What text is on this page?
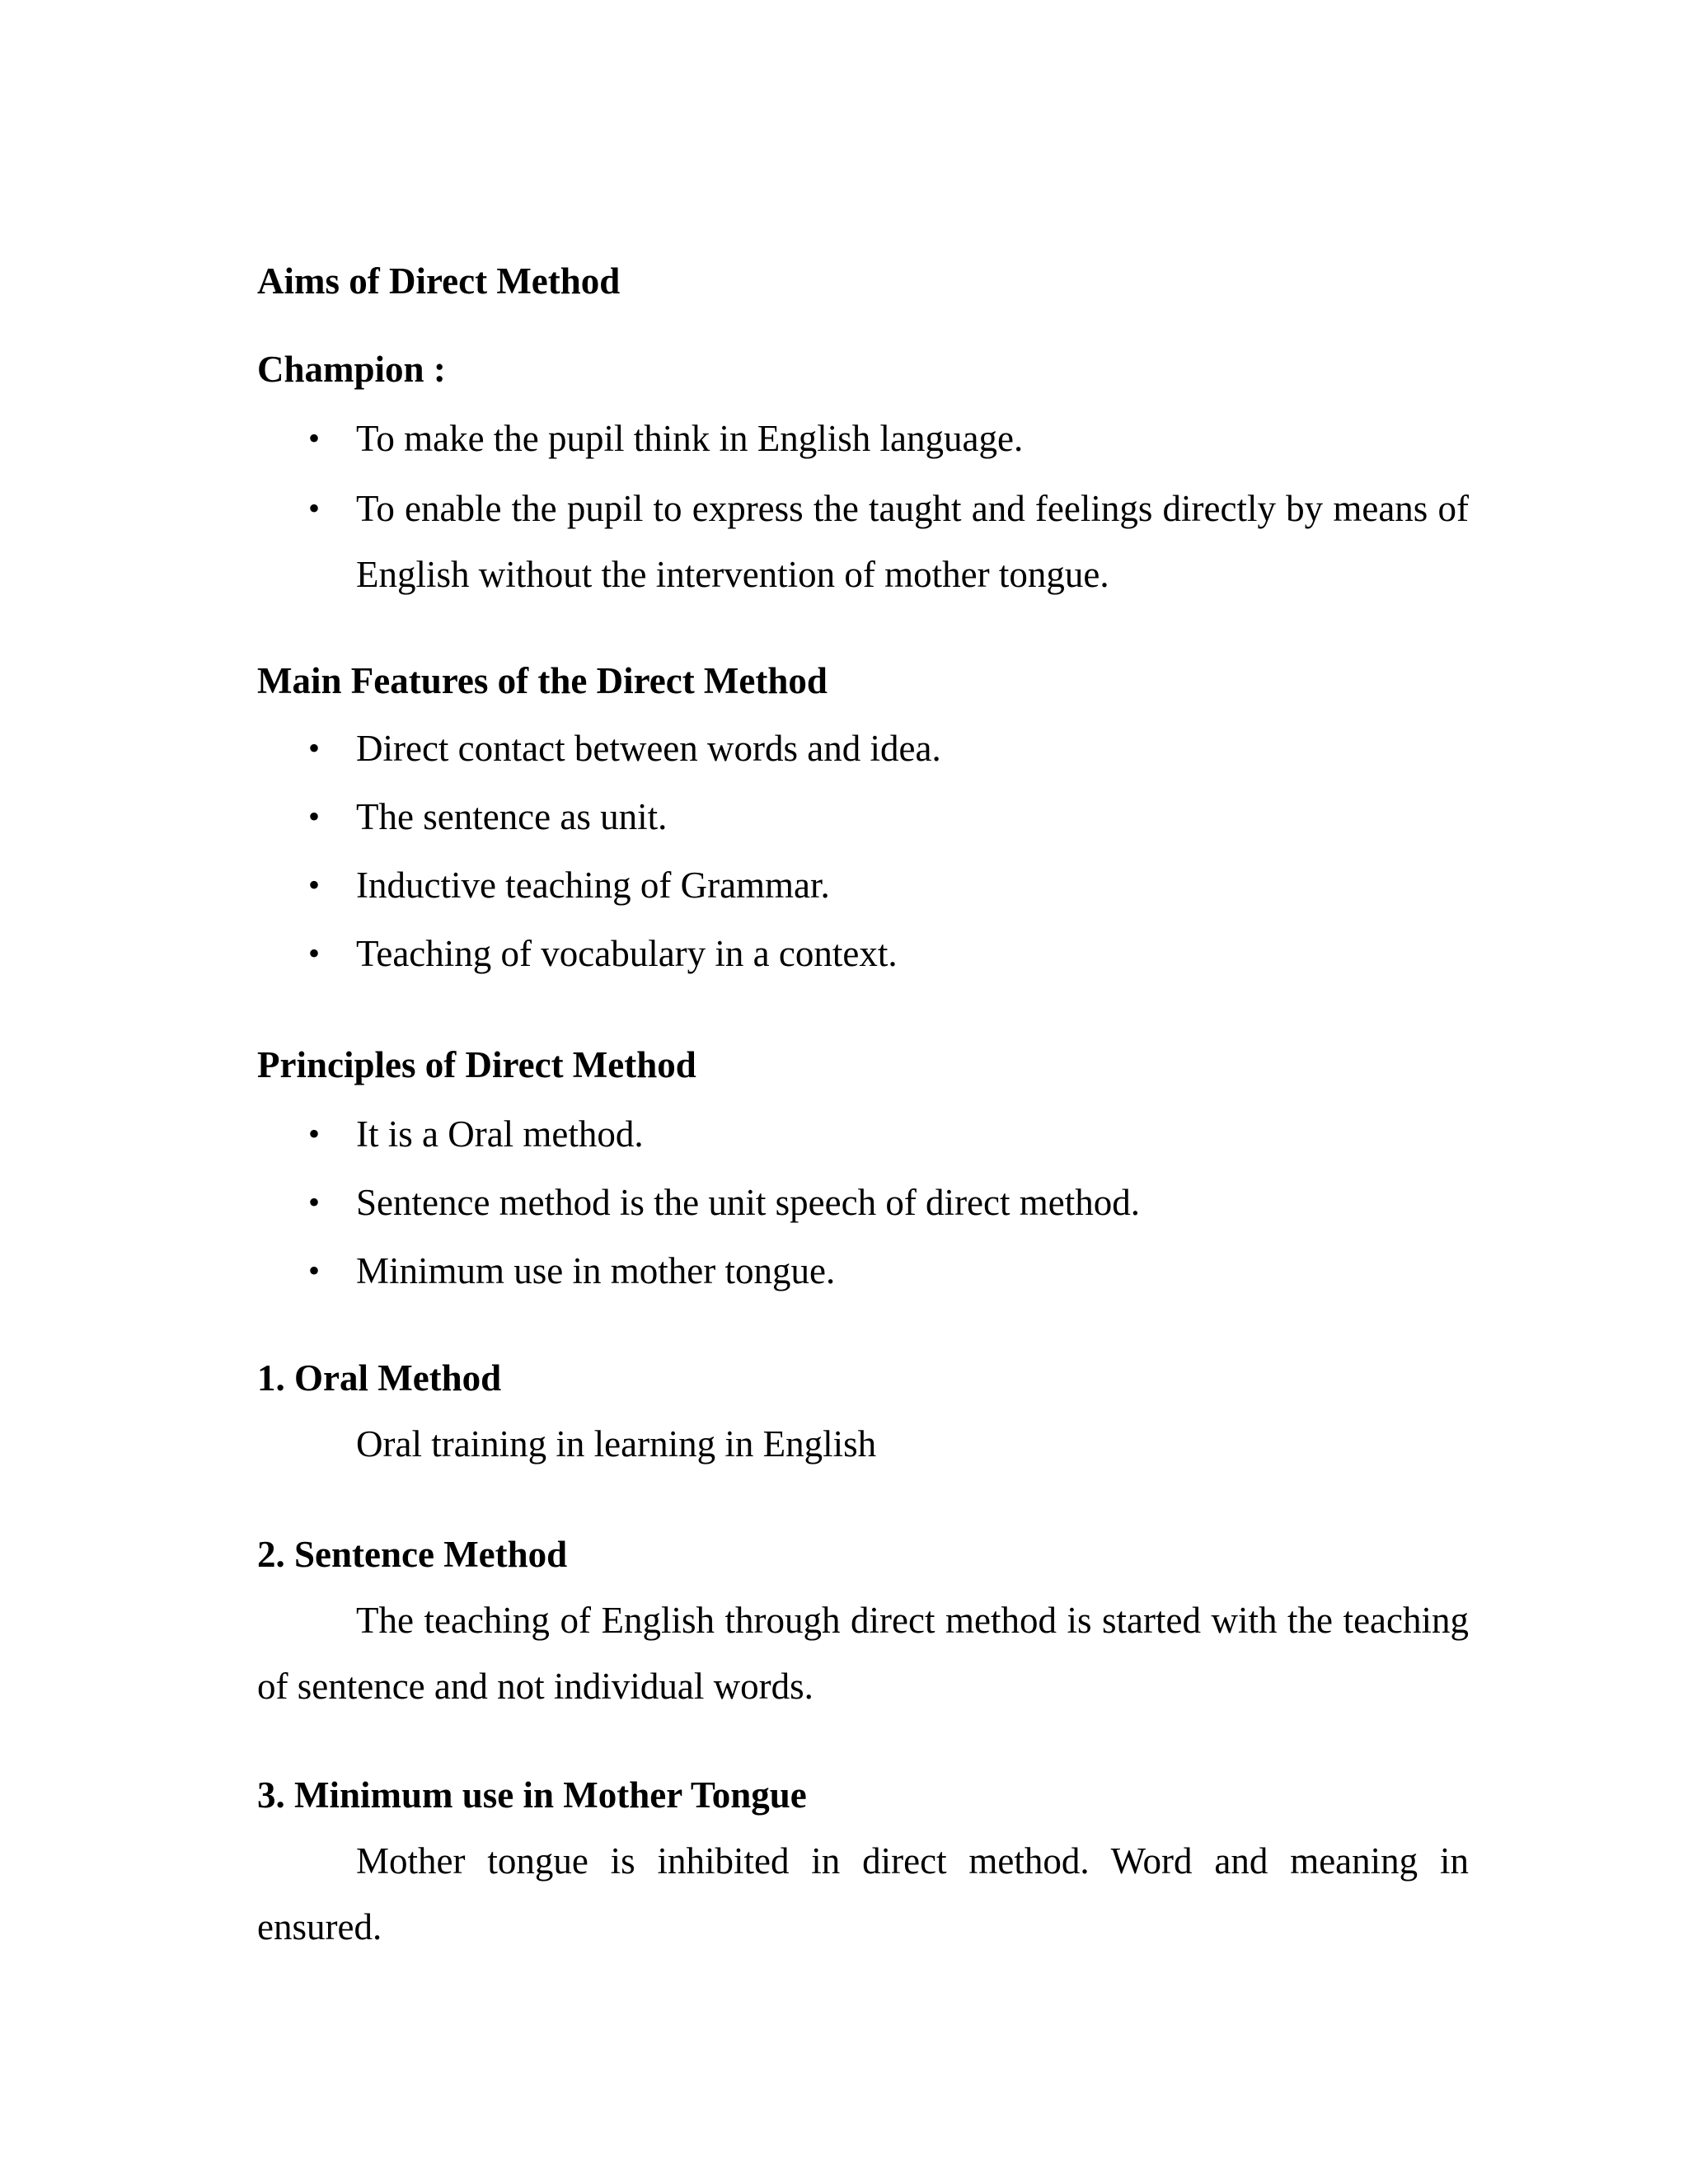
Aims of Direct Method
Champion :
• To make the pupil think in English language.
• To enable the pupil to express the taught and feelings directly by means of English without the intervention of mother tongue.
Main Features of the Direct Method
• Direct contact between words and idea.
• The sentence as unit.
• Inductive teaching of Grammar.
• Teaching of vocabulary in a context.
Principles of Direct Method
• It is a Oral method.
• Sentence method is the unit speech of direct method.
• Minimum use in mother tongue.
1. Oral Method

Oral training in learning in English

2. Sentence Method

The teaching of English through direct method is started with the teaching of sentence and not individual words.

3. Minimum use in Mother Tongue

Mother tongue is inhibited in direct method. Word and meaning in ensured.
